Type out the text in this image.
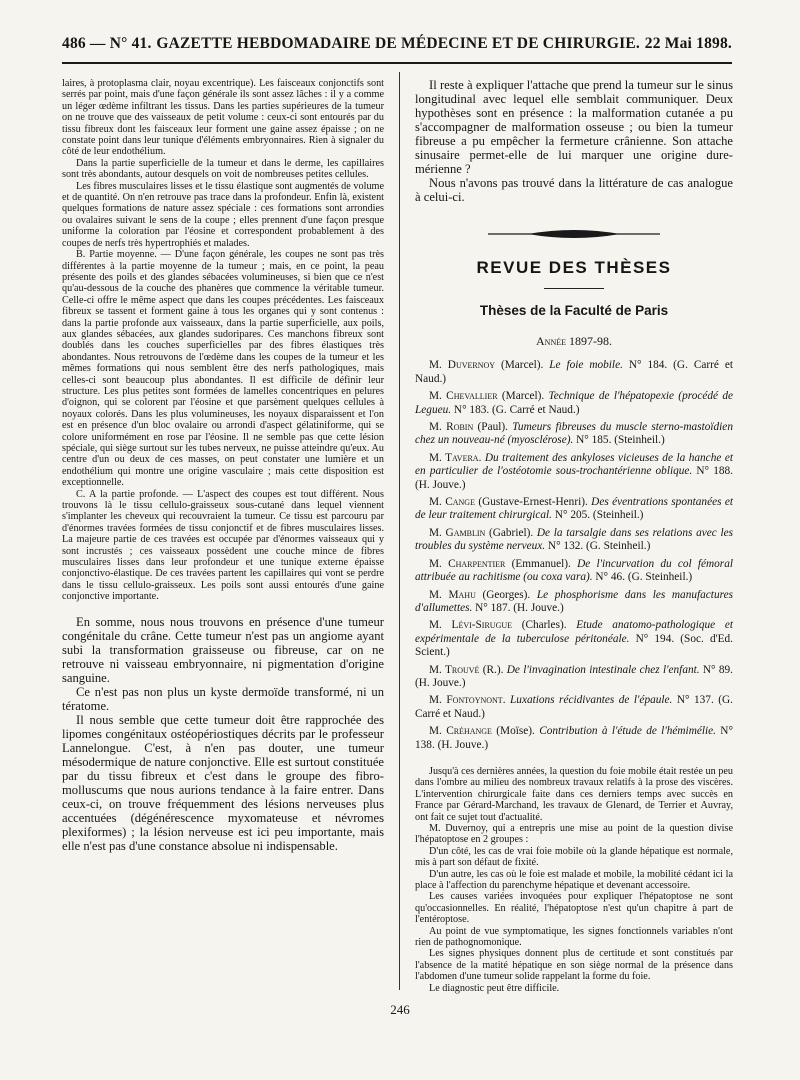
486 — N° 41. GAZETTE HEBDOMADAIRE DE MÉDECINE ET DE CHIRURGIE. 22 Mai 1898.

laires, à protoplasma clair, noyau excentrique). Les faisceaux conjonctifs sont serrés par point, mais d'une façon générale ils sont assez lâches : il y a comme un léger œdème infiltrant les tissus. Dans les parties supérieures de la tumeur on ne trouve que des vaisseaux de petit volume : ceux-ci sont entourés par du tissu fibreux dont les faisceaux leur forment une gaine assez épaisse ; on ne constate point dans leur tunique d'éléments embryonnaires. Rien à signaler du côté de leur endothélium.

Dans la partie superficielle de la tumeur et dans le derme, les capillaires sont très abondants, autour desquels on voit de nombreuses petites cellules.

Les fibres musculaires lisses et le tissu élastique sont augmentés de volume et de quantité. On n'en retrouve pas trace dans la profondeur. Enfin là, existent quelques formations de nature assez spéciale : ces formations sont arrondies ou ovalaires suivant le sens de la coupe ; elles prennent d'une façon presque uniforme la coloration par l'éosine et correspondent probablement à des coupes de nerfs très hypertrophiés et malades.

B. Partie moyenne. — D'une façon générale, les coupes ne sont pas très différentes à la partie moyenne de la tumeur ; mais, en ce point, la peau présente des poils et des glandes sébacées volumineuses, si bien que ce n'est qu'au-dessous de la couche des phanères que commence la véritable tumeur. Celle-ci offre le même aspect que dans les coupes précédentes. Les faisceaux fibreux se tassent et forment gaine à tous les organes qui y sont contenus : dans la partie profonde aux vaisseaux, dans la partie superficielle, aux poils, aux glandes sébacées, aux glandes sudoripares. Ces manchons fibreux sont doublés dans les couches superficielles par des fibres élastiques très abondantes. Nous retrouvons de l'œdème dans les coupes de la tumeur et les mêmes formations qui nous semblent être des nerfs pathologiques, mais celles-ci sont beaucoup plus abondantes. Il est difficile de définir leur structure. Les plus petites sont formées de lamelles concentriques en pelures d'oignon, qui se colorent par l'éosine et que parsèment quelques cellules à noyaux colorés. Dans les plus volumineuses, les noyaux disparaissent et l'on est en présence d'un bloc ovalaire ou arrondi d'aspect gélatiniforme, qui se colore uniformément en rose par l'éosine. Il ne semble pas que cette lésion spéciale, qui siège surtout sur les tubes nerveux, ne puisse atteindre qu'eux. Au centre d'un ou deux de ces masses, on peut constater une lumière et un endothélium qui montre une origine vasculaire ; mais cette disposition est exceptionnelle.

C. A la partie profonde. — L'aspect des coupes est tout différent. Nous trouvons là le tissu cellulo-graisseux sous-cutané dans lequel viennent s'implanter les cheveux qui recouvraient la tumeur. Ce tissu est parcouru par d'énormes travées formées de tissu conjonctif et de fibres musculaires lisses. La majeure partie de ces travées est occupée par d'énormes vaisseaux qui y sont incrustés ; ces vaisseaux possèdent une couche mince de fibres musculaires lisses dans leur profondeur et une tunique externe épaisse conjonctivo-élastique. De ces travées partent les capillaires qui vont se perdre dans le tissu cellulo-graisseux. Les poils sont aussi entourés d'une gaine conjonctive importante.

En somme, nous nous trouvons en présence d'une tumeur congénitale du crâne. Cette tumeur n'est pas un angiome ayant subi la transformation graisseuse ou fibreuse, car on ne retrouve ni vaisseau embryonnaire, ni pigmentation d'origine sanguine.

Ce n'est pas non plus un kyste dermoïde transformé, ni un tératome.

Il nous semble que cette tumeur doit être rapprochée des lipomes congénitaux ostéopériostiques décrits par le professeur Lannelongue. C'est, à n'en pas douter, une tumeur mésodermique de nature conjonctive. Elle est surtout constituée par du tissu fibreux et c'est dans le groupe des fibro-molluscums que nous aurions tendance à la faire entrer. Dans ceux-ci, on trouve fréquemment des lésions nerveuses plus accentuées (dégénérescence myxomateuse et névromes plexiformes) ; la lésion nerveuse est ici peu importante, mais elle n'est pas d'une constance absolue ni indispensable.

Il reste à expliquer l'attache que prend la tumeur sur le sinus longitudinal avec lequel elle semblait communiquer. Deux hypothèses sont en présence : la malformation cutanée a pu s'accompagner de malformation osseuse ; ou bien la tumeur fibreuse a pu empêcher la fermeture crânienne. Son attache sinusaire permet-elle de lui marquer une origine dure-mérienne ?

Nous n'avons pas trouvé dans la littérature de cas analogue à celui-ci.

REVUE DES THÈSES
Thèses de la Faculté de Paris
Année 1897-98.

M. Duvernoy (Marcel). Le foie mobile. N° 184. (G. Carré et Naud.)

M. Chevallier (Marcel). Technique de l'hépatopexie (procédé de Legueu. N° 183. (G. Carré et Naud.)

M. Robin (Paul). Tumeurs fibreuses du muscle sterno-mastoïdien chez un nouveau-né (myosclérose). N° 185. (Steinheil.)

M. Tavera. Du traitement des ankyloses vicieuses de la hanche et en particulier de l'ostéotomie sous-trochantérienne oblique. N° 188. (H. Jouve.)

M. Cange (Gustave-Ernest-Henri). Des éventrations spontanées et de leur traitement chirurgical. N° 205. (Steinheil.)

M. Gamblin (Gabriel). De la tarsalgie dans ses relations avec les troubles du système nerveux. N° 132. (G. Steinheil.)

M. Charpentier (Emmanuel). De l'incurvation du col fémoral attribuée au rachitisme (ou coxa vara). N° 46. (G. Steinheil.)

M. Mahu (Georges). Le phosphorisme dans les manufactures d'allumettes. N° 187. (H. Jouve.)

M. Lévi-Sirugue (Charles). Etude anatomo-pathologique et expérimentale de la tuberculose péritonéale. N° 194. (Soc. d'Ed. Scient.)

M. Trouvé (R.). De l'invagination intestinale chez l'enfant. N° 89. (H. Jouve.)

M. Fontoynont. Luxations récidivantes de l'épaule. N° 137. (G. Carré et Naud.)

M. Créhange (Moïse). Contribution à l'étude de l'hémimélie. N° 138. (H. Jouve.)

Jusqu'à ces dernières années, la question du foie mobile était restée un peu dans l'ombre au milieu des nombreux travaux relatifs à la prose des viscères. L'intervention chirurgicale faite dans ces derniers temps avec succès en France par Gérard-Marchand, les travaux de Glenard, de Terrier et Auvray, ont fait ce sujet tout d'actualité.

M. Duvernoy, qui a entrepris une mise au point de la question divise l'hépatoptose en 2 groupes :

D'un côté, les cas de vrai foie mobile où la glande hépatique est normale, mis à part son défaut de fixité.

D'un autre, les cas où le foie est malade et mobile, la mobilité cédant ici la place à l'affection du parenchyme hépatique et devenant accessoire.

Les causes variées invoquées pour expliquer l'hépatoptose ne sont qu'occasionnelles. En réalité, l'hépatoptose n'est qu'un chapitre à part de l'entéroptose.

Au point de vue symptomatique, les signes fonctionnels variables n'ont rien de pathognomonique.

Les signes physiques donnent plus de certitude et sont constitués par l'absence de la matité hépatique en son siège normal de la présence dans l'abdomen d'une tumeur solide rappelant la forme du foie.

Le diagnostic peut être difficile.

246
